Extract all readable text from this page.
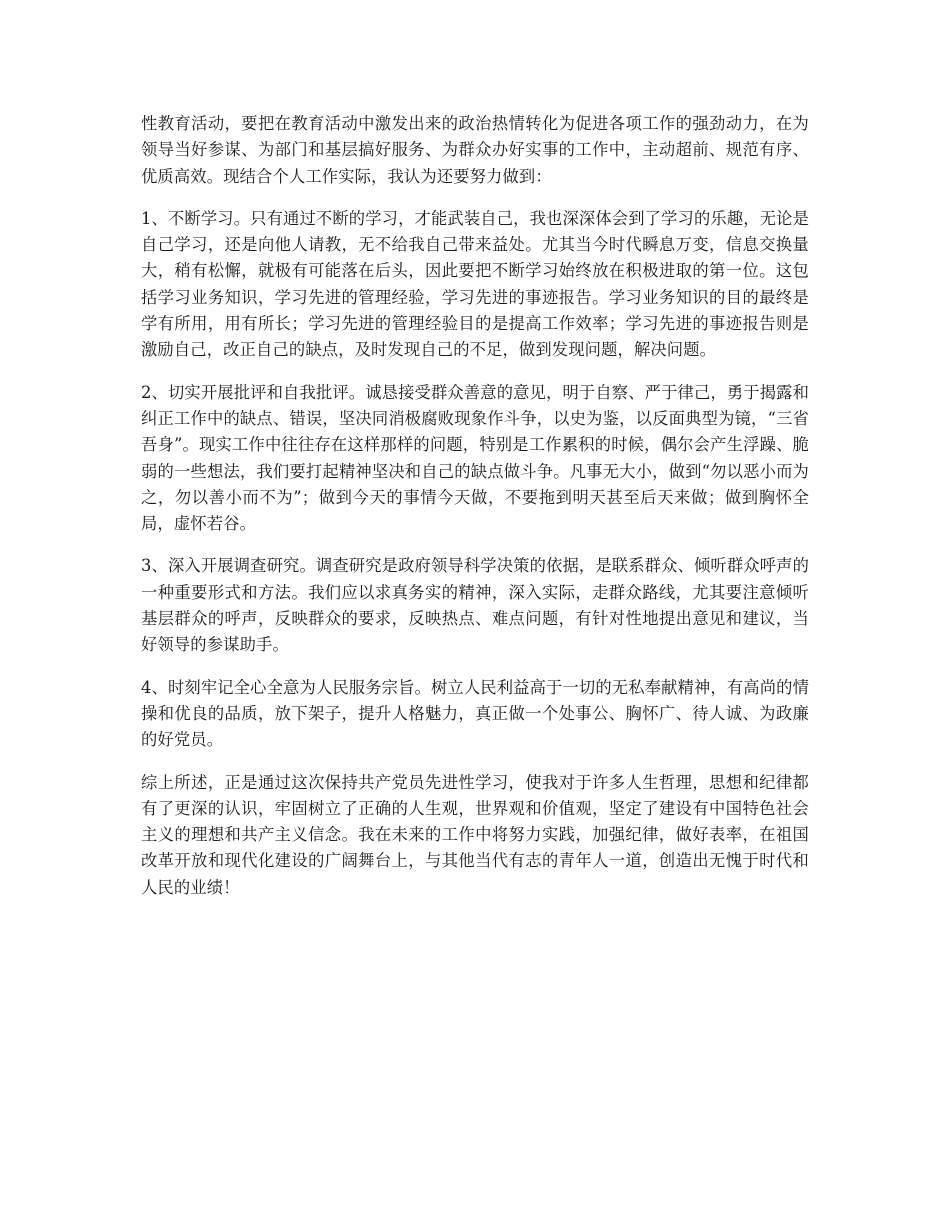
性教育活动，要把在教育活动中激发出来的政治热情转化为促进各项工作的强劲动力，在为领导当好参谋、为部门和基层搞好服务、为群众办好实事的工作中，主动超前、规范有序、优质高效。现结合个人工作实际，我认为还要努力做到：

1、不断学习。只有通过不断的学习，才能武装自己，我也深深体会到了学习的乐趣，无论是自己学习，还是向他人请教，无不给我自己带来益处。尤其当今时代瞬息万变，信息交换量大，稍有松懈，就极有可能落在后头，因此要把不断学习始终放在积极进取的第一位。这包括学习业务知识，学习先进的管理经验，学习先进的事迹报告。学习业务知识的目的最终是学有所用，用有所长；学习先进的管理经验目的是提高工作效率；学习先进的事迹报告则是激励自己，改正自己的缺点，及时发现自己的不足，做到发现问题，解决问题。

2、切实开展批评和自我批评。诚恳接受群众善意的意见，明于自察、严于律己，勇于揭露和纠正工作中的缺点、错误，坚决同消极腐败现象作斗争，以史为鉴，以反面典型为镜，“三省吾身”。现实工作中往往存在这样那样的问题，特别是工作累积的时候，偶尔会产生浮躁、脆弱的一些想法，我们要打起精神坚决和自己的缺点做斗争。凡事无大小，做到“勿以恶小而为之，勿以善小而不为”；做到今天的事情今天做，不要拖到明天甚至后天来做；做到胸怀全局，虚怀若谷。

3、深入开展调查研究。调查研究是政府领导科学决策的依据，是联系群众、倾听群众呼声的一种重要形式和方法。我们应以求真务实的精神，深入实际，走群众路线，尤其要注意倾听基层群众的呼声，反映群众的要求，反映热点、难点问题，有针对性地提出意见和建议，当好领导的参谋助手。

4、时刻牢记全心全意为人民服务宗旨。树立人民利益高于一切的无私奉献精神，有高尚的情操和优良的品质，放下架子，提升人格魅力，真正做一个处事公、胸怀广、待人诚、为政廉的好党员。

综上所述，正是通过这次保持共产党员先进性学习，使我对于许多人生哲理，思想和纪律都有了更深的认识，牢固树立了正确的人生观，世界观和价值观，坚定了建设有中国特色社会主义的理想和共产主义信念。我在未来的工作中将努力实践，加强纪律，做好表率，在祖国改革开放和现代化建设的广阔舞台上，与其他当代有志的青年人一道，创造出无愧于时代和人民的业绩！
